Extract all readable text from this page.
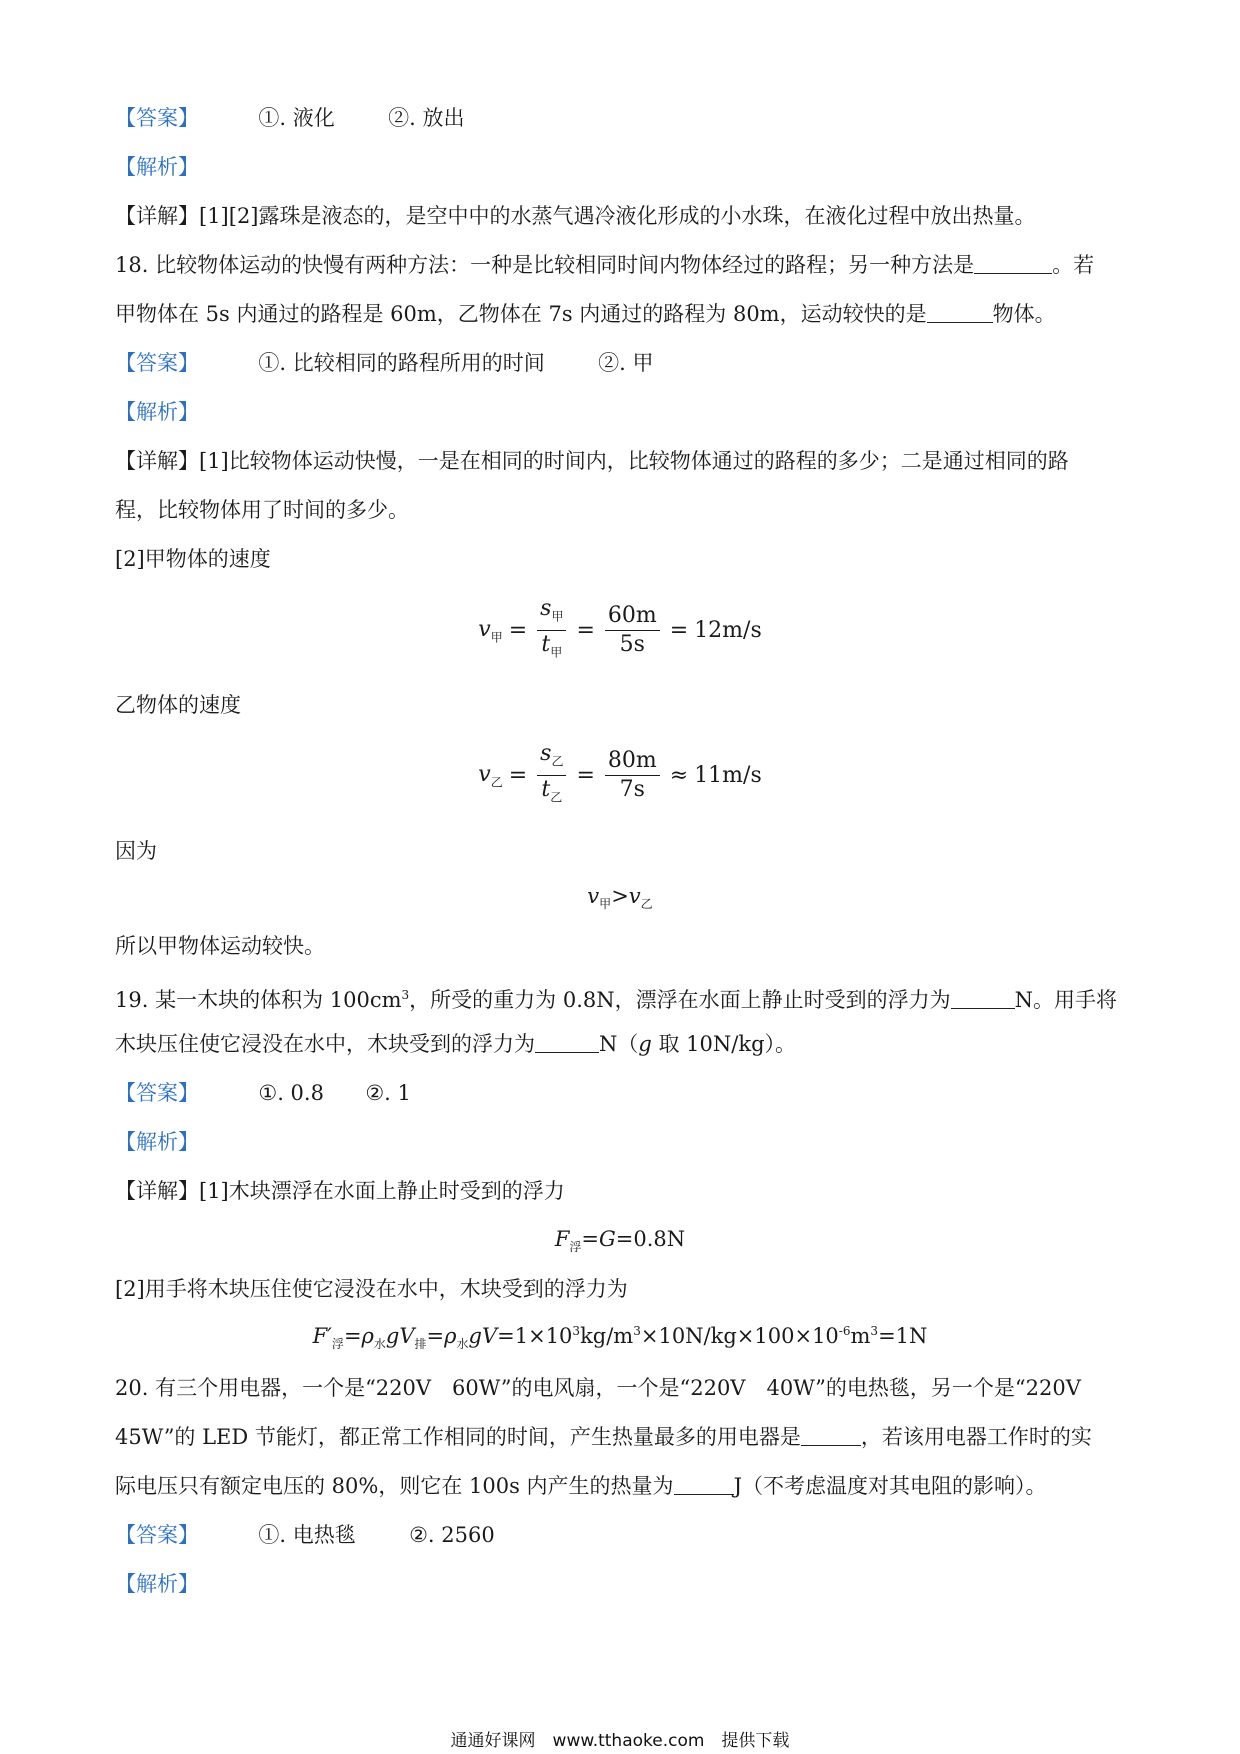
【答案】	①. 液化	②. 放出
【解析】
【详解】[1][2]露珠是液态的，是空中中的水蒸气遇冷液化形成的小水珠，在液化过程中放出热量。
18. 比较物体运动的快慢有两种方法：一种是比较相同时间内物体经过的路程；另一种方法是	。若
甲物体在 5s 内通过的路程是 60m，乙物体在 7s 内通过的路程为 80m，运动较快的是	物体。
【答案】	①. 比较相同的路程所用的时间	②. 甲
【解析】
【详解】[1]比较物体运动快慢，一是在相同的时间内，比较物体通过的路程的多少；二是通过相同的路
程，比较物体用了时间的多少。
[2]甲物体的速度
$v_甲 = \frac{s_甲}{t_甲} = \frac{60m}{5s} = 12m/s$
乙物体的速度
$v_乙 = \frac{s_乙}{t_乙} = \frac{80m}{7s} \approx 11m/s$
因为
$v_甲>v_乙$
所以甲物体运动较快。
19. 某一木块的体积为 $100cm^3$，所受的重力为 0.8N，漂浮在水面上静止时受到的浮力为	N。用手将
木块压住使它浸没在水中，木块受到的浮力为	N（g 取 10N/kg）。
【答案】	①. 0.8 ②. 1
【解析】
【详解】[1]木块漂浮在水面上静止时受到的浮力
$F_浮=G=0.8N$
[2]用手将木块压住使它浸没在水中，木块受到的浮力为
$F'_浮=\rho_水gV_排=\rho_水gV=1\times 10^3kg/m^3\times 10N/kg\times 100\times 10^{-6}m^3=1N$
20. 有三个用电器，一个是“220V　60W”的电风扇，一个是“220V　40W”的电热毯，另一个是“220V
45W”的 LED 节能灯，都正常工作相同的时间，产生热量最多的用电器是	，若该用电器工作时的实
际电压只有额定电压的 80%，则它在 100s 内产生的热量为	J（不考虑温度对其电阻的影响）。
【答案】	①. 电热毯	②. 2560
【解析】
通通好课网　www.tthaoke.com　提供下载
